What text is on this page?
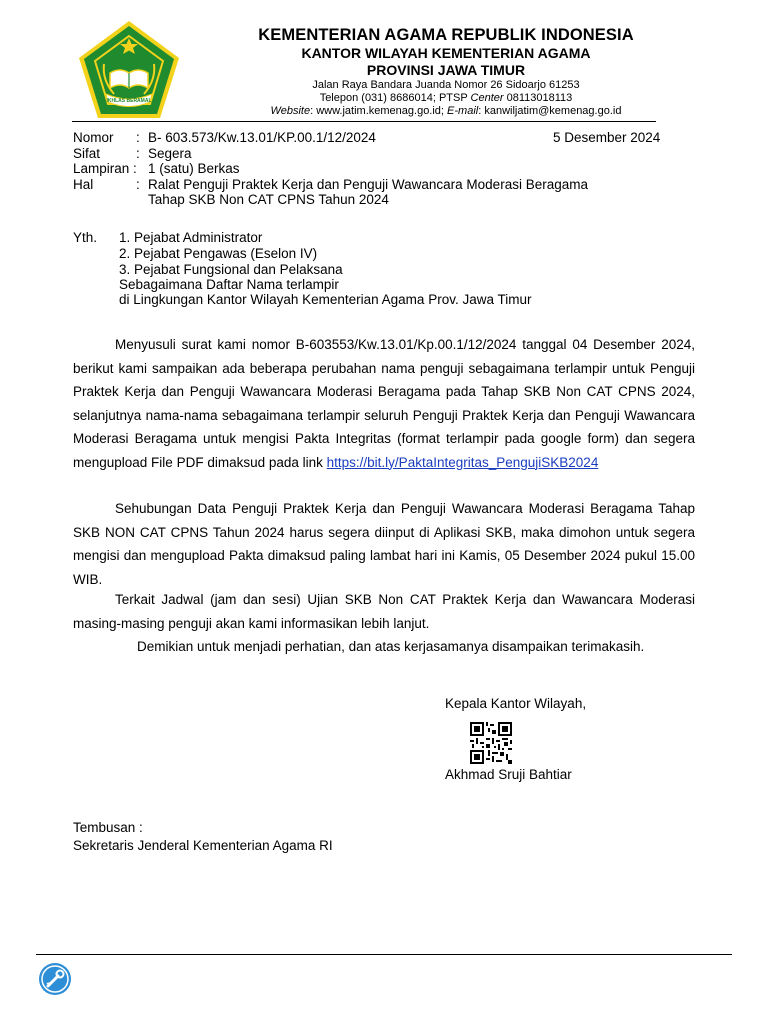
IKHLAS BERAMAL
KEMENTERIAN AGAMA REPUBLIK INDONESIA
KANTOR WILAYAH KEMENTERIAN AGAMA
PROVINSI JAWA TIMUR
Jalan Raya Bandara Juanda Nomor 26 Sidoarjo 61253
Telepon (031) 8686014; PTSP Center 08113018113
Website: www.jatim.kemenag.go.id; E-mail: kanwiljatim@kemenag.go.id
Nomor : B- 603.573/Kw.13.01/KP.00.1/12/2024	5 Desember 2024
Sifat	: Segera
Lampiran : 1 (satu) Berkas
Hal	: Ralat Penguji Praktek Kerja dan Penguji Wawancara Moderasi Beragama
Tahap SKB Non CAT CPNS Tahun 2024
Yth. 1. Pejabat Administrator
2. Pejabat Pengawas (Eselon IV)
3. Pejabat Fungsional dan Pelaksana
Sebagaimana Daftar Nama terlampir
di Lingkungan Kantor Wilayah Kementerian Agama Prov. Jawa Timur
Menyusuli surat kami nomor B-603553/Kw.13.01/Kp.00.1/12/2024 tanggal 04 Desember 2024, berikut kami sampaikan ada beberapa perubahan nama penguji sebagaimana terlampir untuk Penguji Praktek Kerja dan Penguji Wawancara Moderasi Beragama pada Tahap SKB Non CAT CPNS 2024, selanjutnya nama-nama sebagaimana terlampir seluruh Penguji Praktek Kerja dan Penguji Wawancara Moderasi Beragama untuk mengisi Pakta Integritas (format terlampir pada google form) dan segera mengupload File PDF dimaksud pada link https://bit.ly/PaktaIntegritas_PengujiSKB2024
Sehubungan Data Penguji Praktek Kerja dan Penguji Wawancara Moderasi Beragama Tahap SKB NON CAT CPNS Tahun 2024 harus segera diinput di Aplikasi SKB, maka dimohon untuk segera mengisi dan mengupload Pakta dimaksud paling lambat hari ini Kamis, 05 Desember 2024 pukul 15.00 WIB.
Terkait Jadwal (jam dan sesi) Ujian SKB Non CAT Praktek Kerja dan Wawancara Moderasi masing-masing penguji akan kami informasikan lebih lanjut.
Demikian untuk menjadi perhatian, dan atas kerjasamanya disampaikan terimakasih.
Kepala Kantor Wilayah,
Akhmad Sruji Bahtiar
Tembusan :
Sekretaris Jenderal Kementerian Agama RI
